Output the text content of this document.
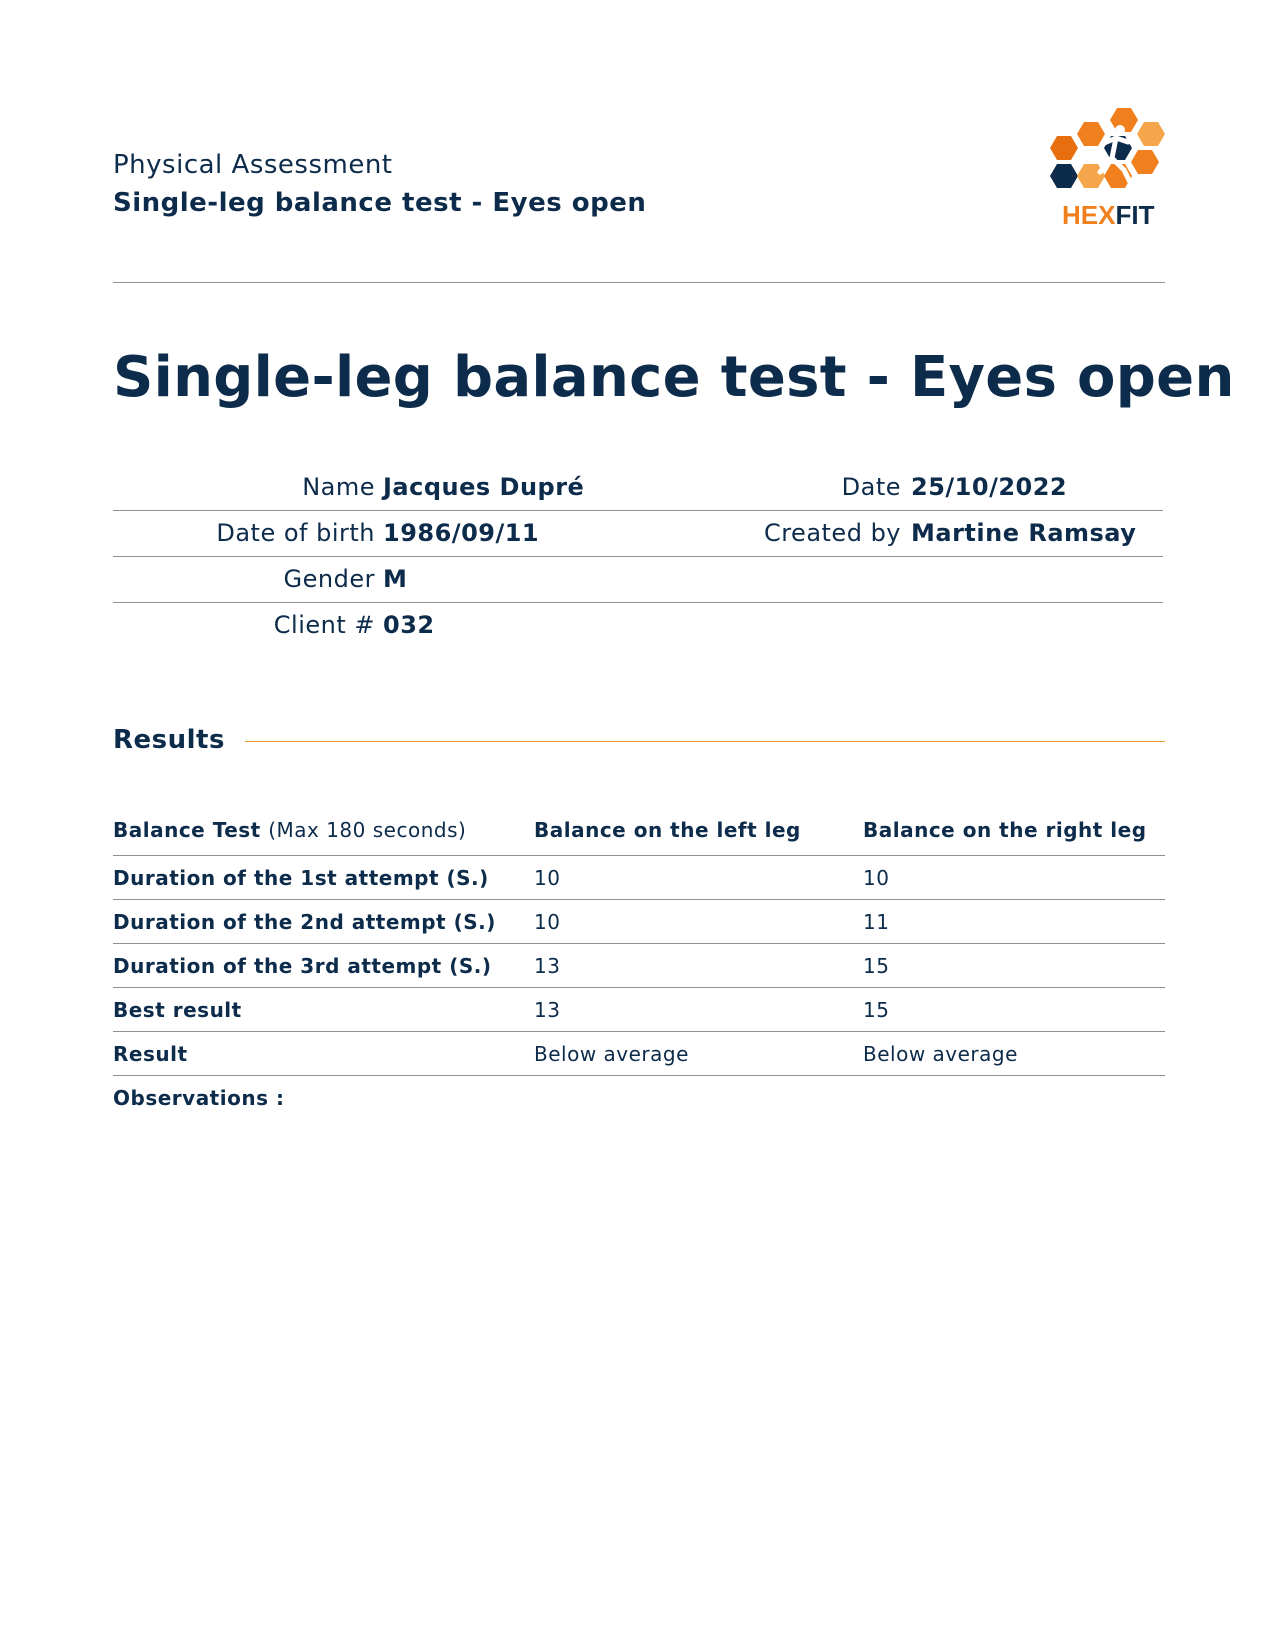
Physical Assessment
Single-leg balance test - Eyes open	HEXFIT
Single-leg balance test - Eyes open
Name Jacques Dupré	Date 25/10/2022
Date of birth 1986/09/11	Created by Martine Ramsay
Gender M
Client # 032
Results
Balance Test (Max 180 seconds)	Balance on the left leg	Balance on the right leg
Duration of the 1st attempt (S.) 10	10
Duration of the 2nd attempt (S.) 10	11
Duration of the 3rd attempt (S.) 13	15
Best result	13	15
Result	Below average	Below average
Observations :
